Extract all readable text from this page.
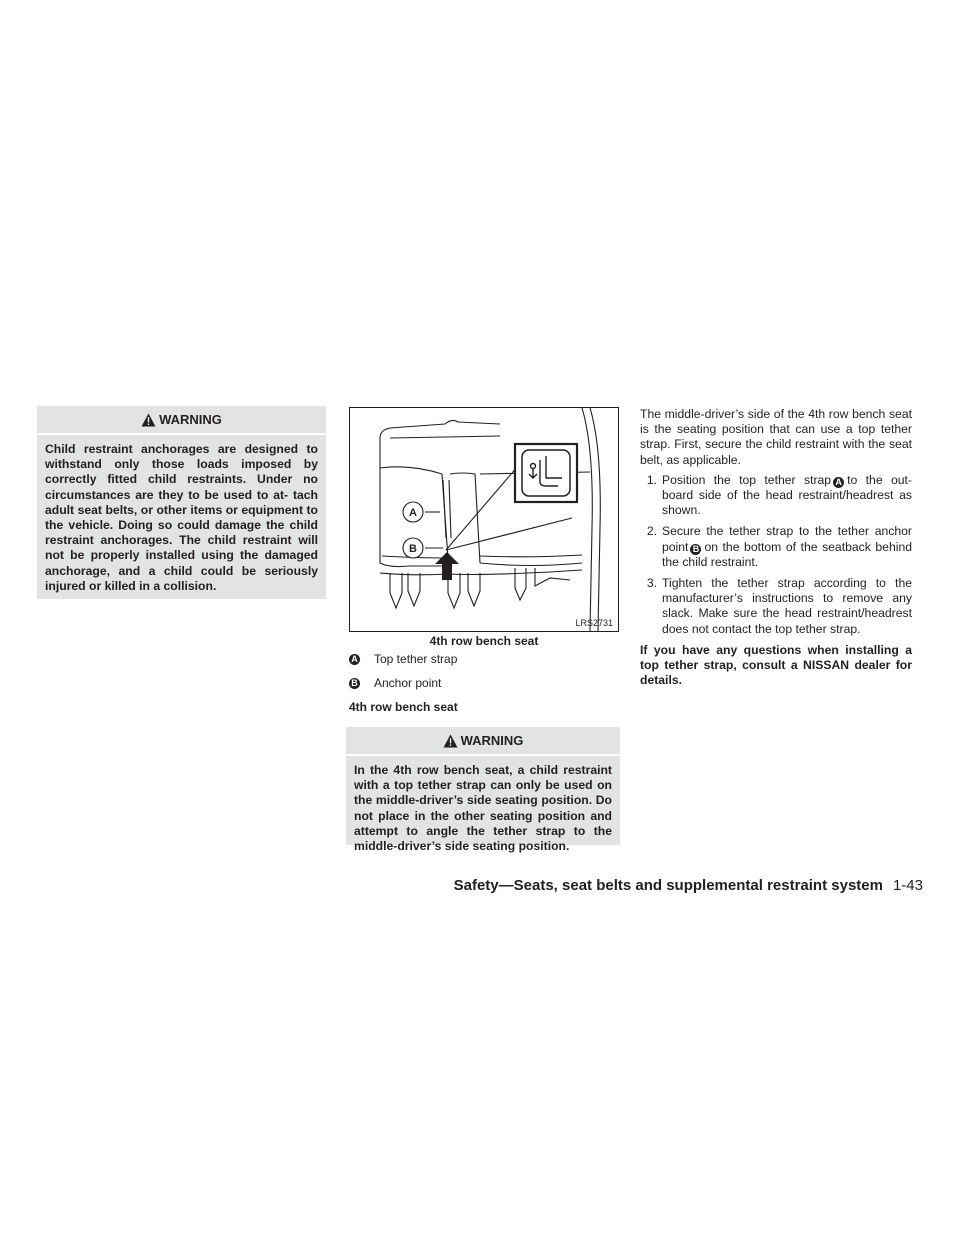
WARNING
Child restraint anchorages are designed to withstand only those loads imposed by correctly fitted child restraints. Under no circumstances are they to be used to at- tach adult seat belts, or other items or equipment to the vehicle. Doing so could damage the child restraint anchorages. The child restraint will not be properly installed using the damaged anchorage, and a child could be seriously injured or killed in a collision.
A
B
LRS2731
4th row bench seat
A Top tether strap
B Anchor point
4th row bench seat
WARNING
In the 4th row bench seat, a child restraint with a top tether strap can only be used on the middle-driver’s side seating position. Do not place in the other seating position and attempt to angle the tether strap to the middle-driver’s side seating position.

The middle-driver’s side of the 4th row bench seat is the seating position that can use a top tether strap. First, secure the child restraint with the seat belt, as applicable.

1. Position the top tether strap A to the out- board side of the head restraint/headrest as shown.
2. Secure the tether strap to the tether anchor point B on the bottom of the seatback behind the child restraint.
3. Tighten the tether strap according to the manufacturer’s instructions to remove any slack. Make sure the head restraint/headrest does not contact the top tether strap.

If you have any questions when installing a top tether strap, consult a NISSAN dealer for details.

Safety—Seats, seat belts and supplemental restraint system 1-43
